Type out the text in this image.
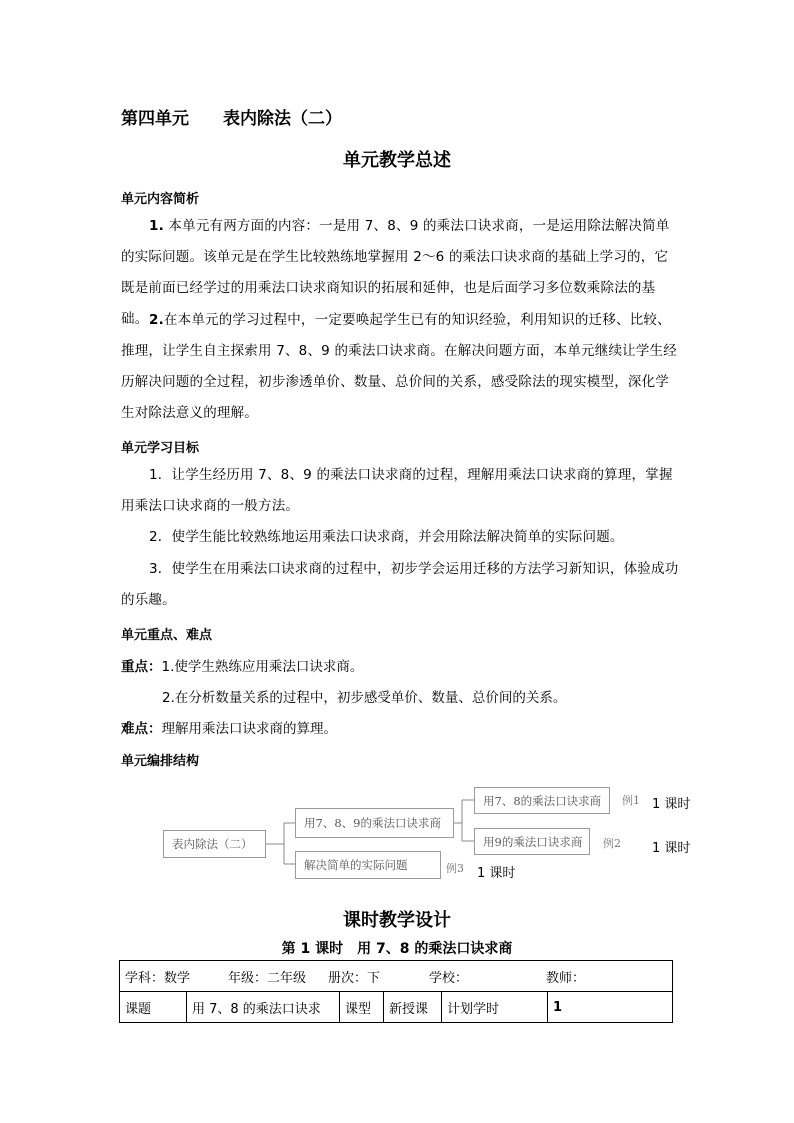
第四单元 表内除法（二）
单元教学总述
单元内容简析
1. 本单元有两方面的内容：一是用 7、8、9 的乘法口诀求商，一是运用除法解决简单的实际问题。该单元是在学生比较熟练地掌握用 2～6 的乘法口诀求商的基础上学习的，它既是前面已经学过的用乘法口诀求商知识的拓展和延伸，也是后面学习多位数乘除法的基础。 2.在本单元的学习过程中，一定要唤起学生已有的知识经验，利用知识的迁移、比较、推理，让学生自主探索用 7、8、9 的乘法口诀求商。在解决问题方面，本单元继续让学生经历解决问题的全过程，初步渗透单价、数量、总价间的关系，感受除法的现实模型，深化学生对除法意义的理解。
单元学习目标
1．让学生经历用 7、8、9 的乘法口诀求商的过程，理解用乘法口诀求商的算理，掌握用乘法口诀求商的一般方法。
2．使学生能比较熟练地运用乘法口诀求商，并会用除法解决简单的实际问题。
3．使学生在用乘法口诀求商的过程中，初步学会运用迁移的方法学习新知识，体验成功的乐趣。
单元重点、难点
重点：1.使学生熟练应用乘法口诀求商。
2.在分析数量关系的过程中，初步感受单价、数量、总价间的关系。
难点：理解用乘法口诀求商的算理。
单元编排结构
表内除法（二）
用7、8、9的乘法口诀求商
解决简单的实际问题
用7、8的乘法口诀求商
用9的乘法口诀求商
例1
例2
例3
1 课时
1 课时
1 课时
课时教学设计
第 1 课时　用 7、8 的乘法口诀求商
学科：数学	年级：二年级 册次：下	学校：	教师：
课题	用 7、8 的乘法口诀求	课型	新授课	计划学时	1
